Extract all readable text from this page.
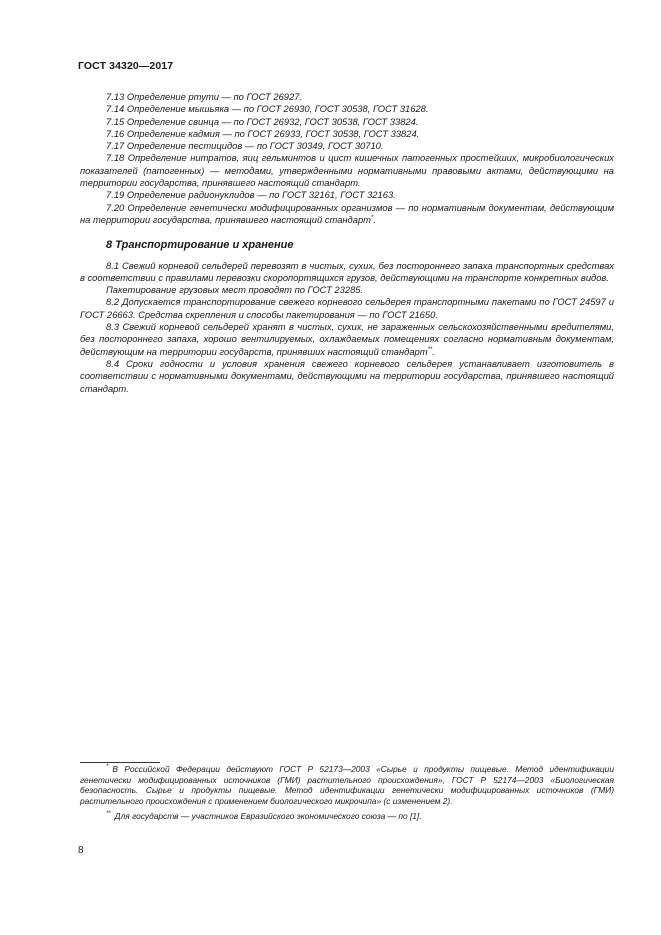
ГОСТ 34320—2017

7.13 Определение ртути — по ГОСТ 26927.

7.14 Определение мышьяка — по ГОСТ 26930, ГОСТ 30538, ГОСТ 31628.

7.15 Определение свинца — по ГОСТ 26932, ГОСТ 30538, ГОСТ 33824.

7.16 Определение кадмия — по ГОСТ 26933, ГОСТ 30538, ГОСТ 33824.

7.17 Определение пестицидов — по ГОСТ 30349, ГОСТ 30710.

7.18 Определение нитратов, яиц гельминтов и цист кишечных патогенных простейших, микробиологических показателей (патогенных) — методами, утвержденными нормативными правовыми актами, действующими на территории государства, принявшего настоящий стандарт.

7.19 Определение радионуклидов — по ГОСТ 32161, ГОСТ 32163.

7.20 Определение генетически модифицированных организмов — по нормативным документам, действующим на территории государства, принявшего настоящий стандарт*.

8 Транспортирование и хранение

8.1 Свежий корневой сельдерей перевозят в чистых, сухих, без постороннего запаха транспортных средствах в соответствии с правилами перевозки скоропортящихся грузов, действующими на транспорте конкретных видов.

Пакетирование грузовых мест проводят по ГОСТ 23285.

8.2 Допускается транспортирование свежего корневого сельдерея транспортными пакетами по ГОСТ 24597 и ГОСТ 26663. Средства скрепления и способы пакетирования — по ГОСТ 21650.

8.3 Свежий корневой сельдерей хранят в чистых, сухих, не зараженных сельскохозяйственными вредителями, без постороннего запаха, хорошо вентилируемых, охлаждаемых помещениях согласно нормативным документам, действующим на территории государств, принявших настоящий стандарт**.

8.4 Сроки годности и условия хранения свежего корневого сельдерея устанавливает изготовитель в соответствии с нормативными документами, действующими на территории государства, принявшего настоящий стандарт.

* В Российской Федерации действуют ГОСТ Р 52173—2003 «Сырье и продукты пищевые. Метод идентификации генетически модифицированных источников (ГМИ) растительного происхождения», ГОСТ Р 52174—2003 «Биологическая безопасность. Сырье и продукты пищевые. Метод идентификации генетически модифицированных источников (ГМИ) растительного происхождения с применением биологического микрочипа» (с изменением 2).

** Для государств — участников Евразийского экономического союза — по [1].

8
